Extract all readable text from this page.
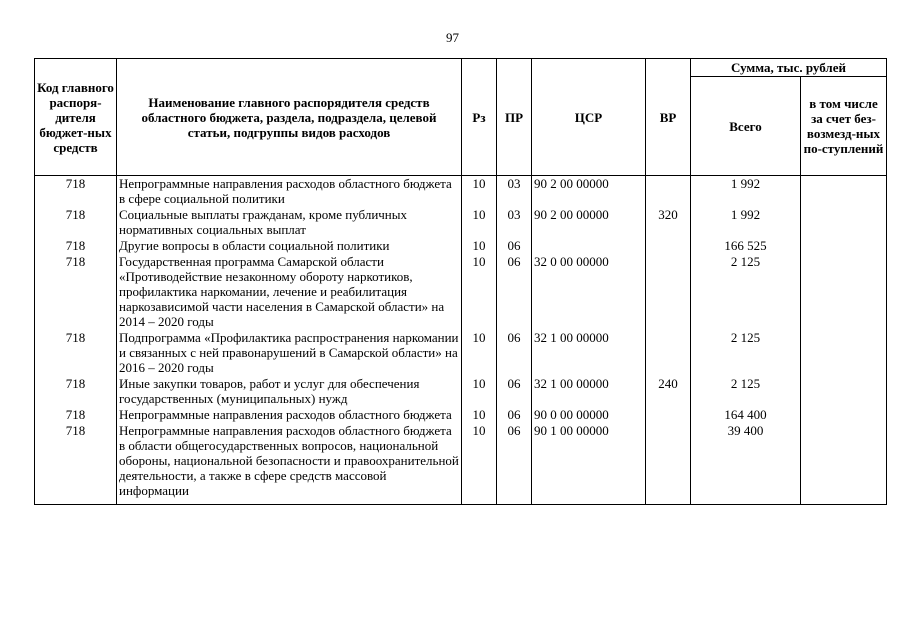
97
Код главного распоря-дителя бюджет-ных средств	Наименование главного распорядителя средств областного бюджета, раздела, подраздела, целевой статьи, подгруппы видов расходов	Рз	ПР	ЦСР	ВР	Сумма, тыс. рублей	
						Всего	в том числе за счет без-возмезд-ных по-ступлений
718	Непрограммные направления расходов областного бюджета в сфере социальной политики	10	03	90 2 00 00000		1 992	
718	Социальные выплаты гражданам, кроме публичных нормативных социальных выплат	10	03	90 2 00 00000	320	1 992	
718	Другие вопросы в области социальной политики	10	06			166 525	
718	Государственная программа Самарской области «Противодействие незаконному обороту наркотиков, профилактика наркомании, лечение и реабилитация наркозависимой части населения в Самарской области» на 2014 – 2020 годы	10	06	32 0 00 00000		2 125	
718	Подпрограмма «Профилактика распространения наркомании и связанных с ней правонарушений в Самарской области» на 2016 – 2020 годы	10	06	32 1 00 00000		2 125	
718	Иные закупки товаров, работ и услуг для обеспечения государственных (муниципальных) нужд	10	06	32 1 00 00000	240	2 125	
718	Непрограммные направления расходов областного бюджета	10	06	90 0 00 00000		164 400	
718	Непрограммные направления расходов областного бюджета в области общегосударственных вопросов, национальной обороны, национальной безопасности и правоохранительной деятельности, а также в сфере средств массовой информации	10	06	90 1 00 00000		39 400	
